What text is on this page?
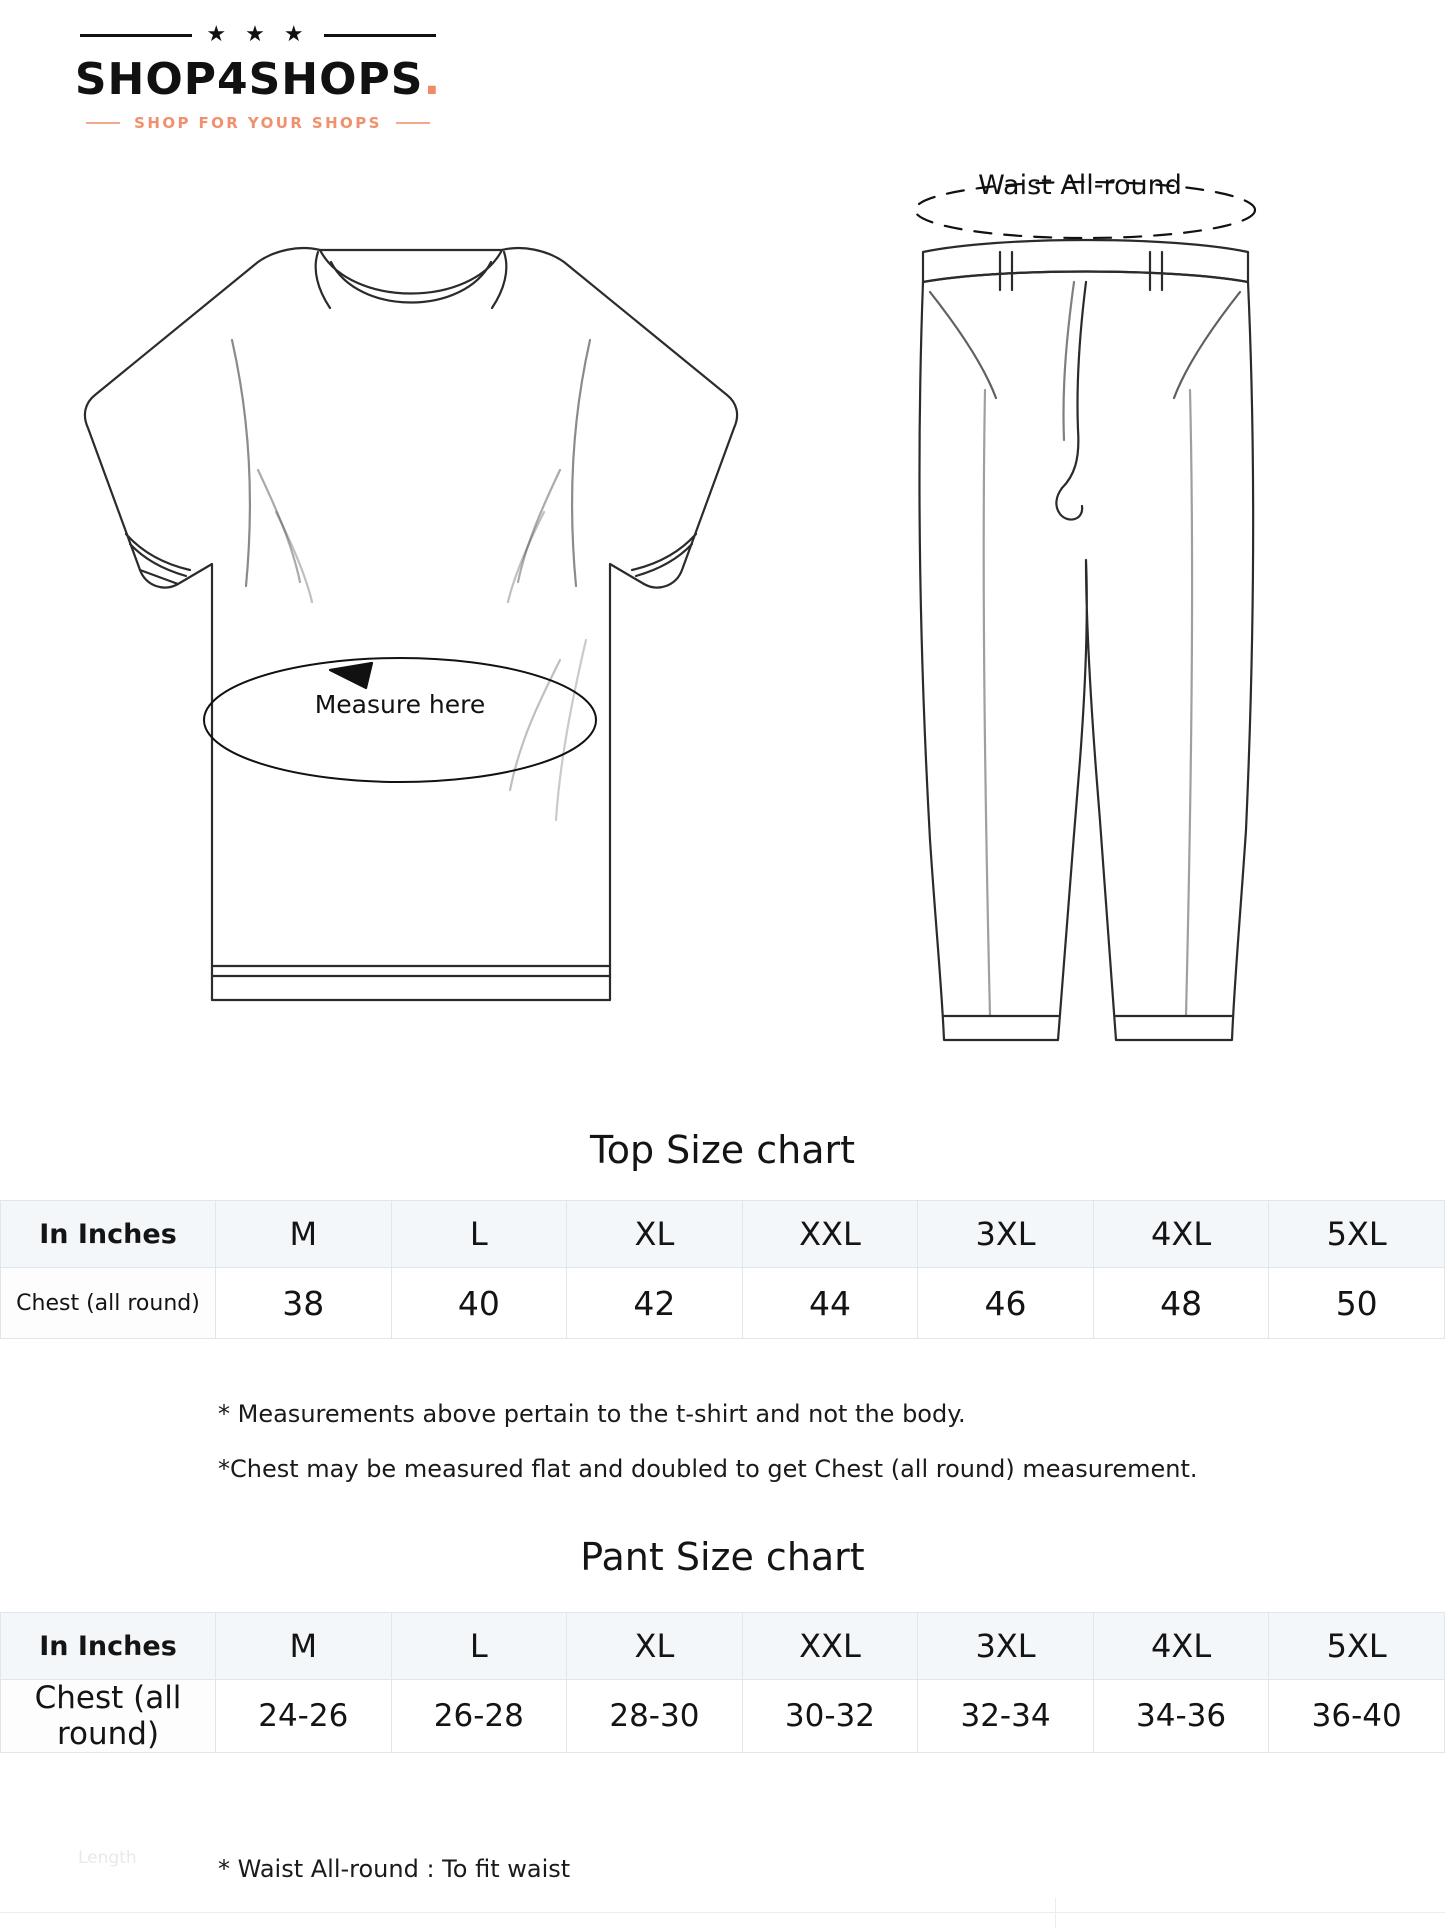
★ ★ ★
SHOP4SHOPS.
SHOP FOR YOUR SHOPS
Waist All-round
Measure here
Top Size chart
In Inches	M	L	XL	XXL	3XL	4XL	5XL
Chest (all round)	38	40	42	44	46	48	50
* Measurements above pertain to the t-shirt and not the body.
*Chest may be measured flat and doubled to get Chest (all round) measurement.
Pant Size chart
In Inches	M	L	XL	XXL	3XL	4XL	5XL
Chest (all round)	24-26	26-28	28-30	30-32	32-34	34-36	36-40
Length	* Waist All-round : To fit waist
